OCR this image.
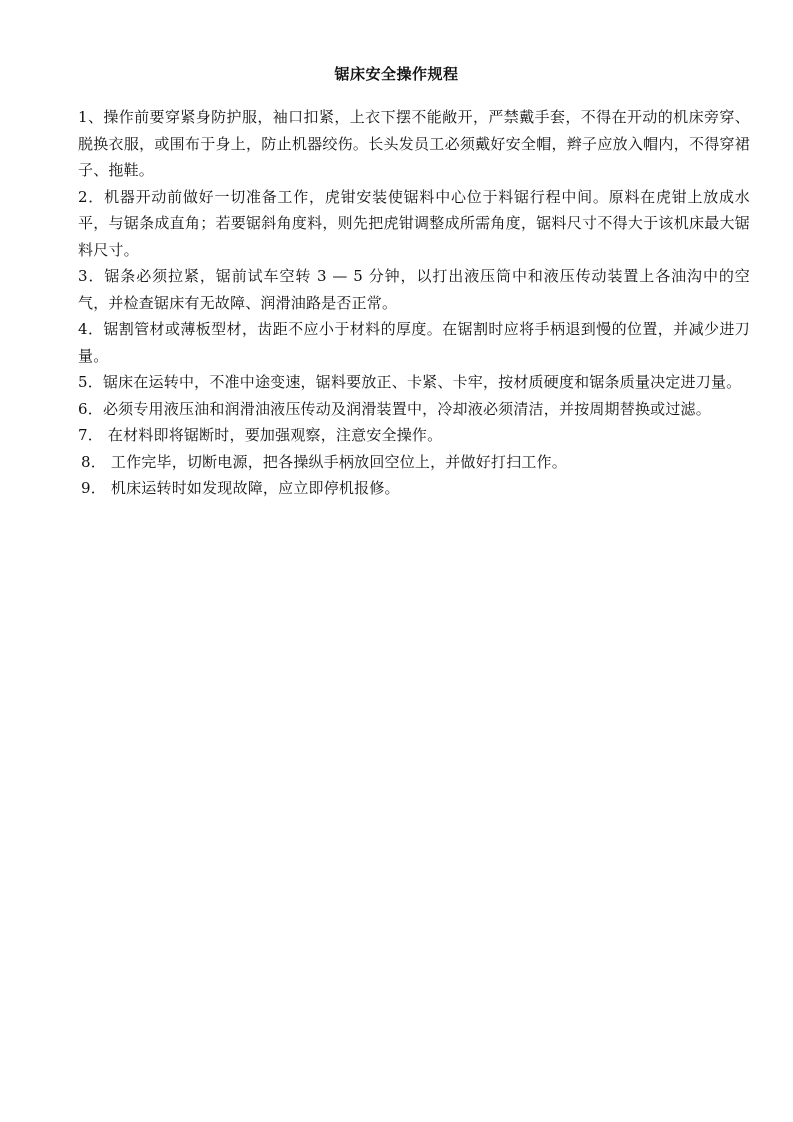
锯床安全操作规程

1、操作前要穿紧身防护服，袖口扣紧，上衣下摆不能敞开，严禁戴手套，不得在开动的机床旁穿、脱换衣服，或围布于身上，防止机器绞伤。长头发员工必须戴好安全帽，辫子应放入帽内，不得穿裙子、拖鞋。

2．机器开动前做好一切准备工作，虎钳安装使锯料中心位于料锯行程中间。原料在虎钳上放成水平，与锯条成直角；若要锯斜角度料，则先把虎钳调整成所需角度，锯料尺寸不得大于该机床最大锯料尺寸。

3．锯条必须拉紧，锯前试车空转 3 — 5 分钟，以打出液压筒中和液压传动装置上各油沟中的空气，并检查锯床有无故障、润滑油路是否正常。

4．锯割管材或薄板型材，齿距不应小于材料的厚度。在锯割时应将手柄退到慢的位置，并减少进刀量。

5．锯床在运转中，不准中途变速，锯料要放正、卡紧、卡牢，按材质硬度和锯条质量决定进刀量。

6．必须专用液压油和润滑油液压传动及润滑装置中，冷却液必须清洁，并按周期替换或过滤。

7． 在材料即将锯断时，要加强观察，注意安全操作。

8． 工作完毕，切断电源，把各操纵手柄放回空位上，并做好打扫工作。

9． 机床运转时如发现故障，应立即停机报修。
